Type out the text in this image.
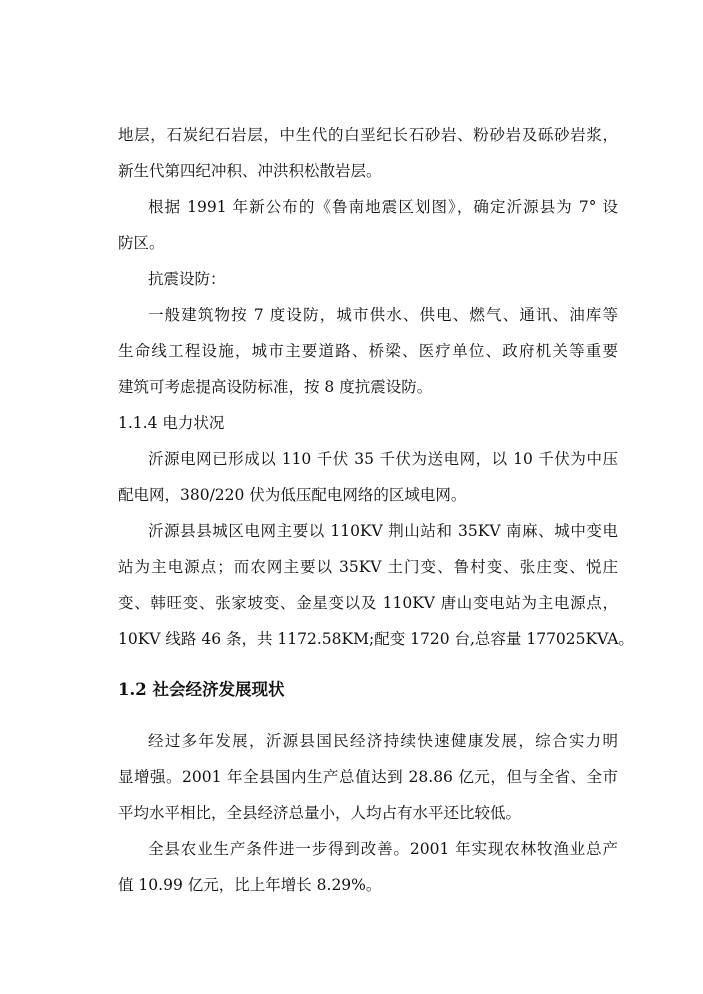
地层，石炭纪石岩层，中生代的白垩纪长石砂岩、粉砂岩及砾砂岩浆，
新生代第四纪冲积、冲洪积松散岩层。
根据 1991 年新公布的《鲁南地震区划图》，确定沂源县为 7° 设
防区。
抗震设防：
一般建筑物按 7 度设防，城市供水、供电、燃气、通讯、油库等
生命线工程设施，城市主要道路、桥梁、医疗单位、政府机关等重要
建筑可考虑提高设防标准，按 8 度抗震设防。
1.1.4 电力状况
沂源电网已形成以 110 千伏 35 千伏为送电网，以 10 千伏为中压
配电网，380/220 伏为低压配电网络的区域电网。
沂源县县城区电网主要以 110KV 荆山站和 35KV 南麻、城中变电
站为主电源点；而农网主要以 35KV 土门变、鲁村变、张庄变、悦庄
变、韩旺变、张家坡变、金星变以及 110KV 唐山变电站为主电源点，
10KV 线路 46 条，共 1172.58KM;配变 1720 台,总容量 177025KVA。
1.2 社会经济发展现状
经过多年发展，沂源县国民经济持续快速健康发展，综合实力明
显增强。2001 年全县国内生产总值达到 28.86 亿元，但与全省、全市
平均水平相比，全县经济总量小，人均占有水平还比较低。
全县农业生产条件进一步得到改善。2001 年实现农林牧渔业总产
值 10.99 亿元，比上年增长 8.29%。
